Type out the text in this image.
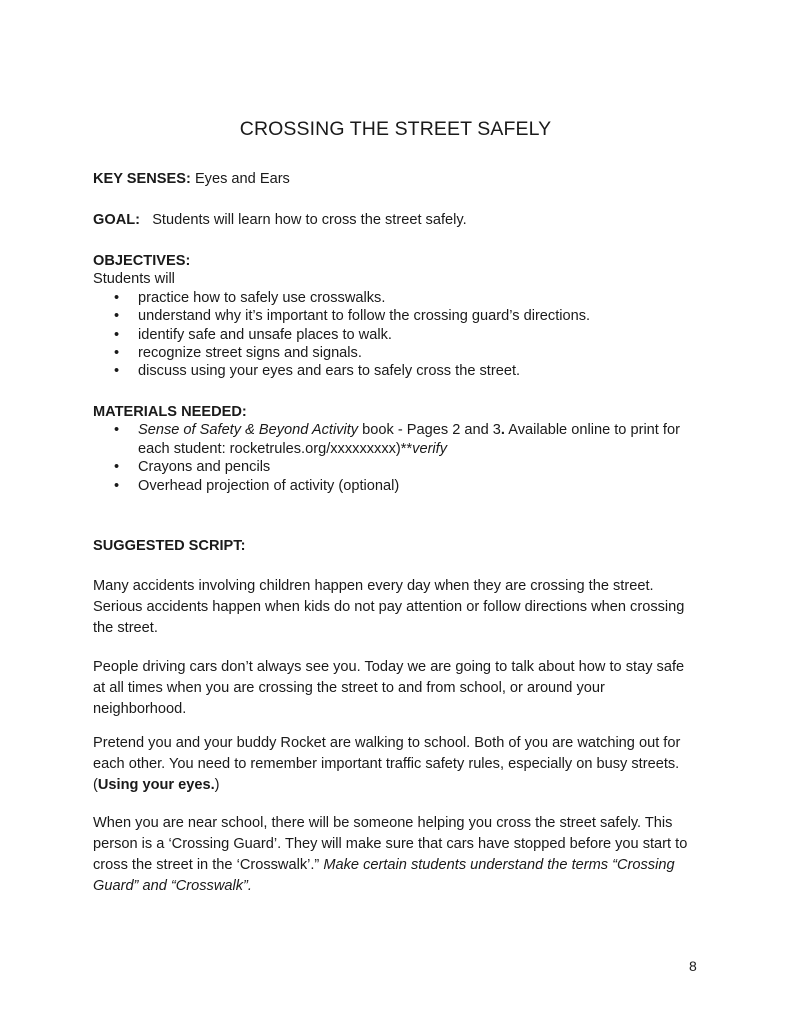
CROSSING THE STREET SAFELY
KEY SENSES: Eyes and Ears
GOAL: Students will learn how to cross the street safely.
OBJECTIVES:
Students will
• practice how to safely use crosswalks.
• understand why it’s important to follow the crossing guard’s directions.
• identify safe and unsafe places to walk.
• recognize street signs and signals.
• discuss using your eyes and ears to safely cross the street.
MATERIALS NEEDED:
• Sense of Safety & Beyond Activity book - Pages 2 and 3. Available online to print for each student: rocketrules.org/xxxxxxxxx)**verify
• Crayons and pencils
• Overhead projection of activity (optional)
SUGGESTED SCRIPT:

Many accidents involving children happen every day when they are crossing the street. Serious accidents happen when kids do not pay attention or follow directions when crossing the street.

People driving cars don’t always see you. Today we are going to talk about how to stay safe at all times when you are crossing the street to and from school, or around your neighborhood.

Pretend you and your buddy Rocket are walking to school. Both of you are watching out for each other. You need to remember important traffic safety rules, especially on busy streets.(Using your eyes.)

When you are near school, there will be someone helping you cross the street safely. This person is a ‘Crossing Guard’. They will make sure that cars have stopped before you start to cross the street in the ‘Crosswalk’.” Make certain students understand the terms “Crossing Guard” and “Crosswalk”.

8
